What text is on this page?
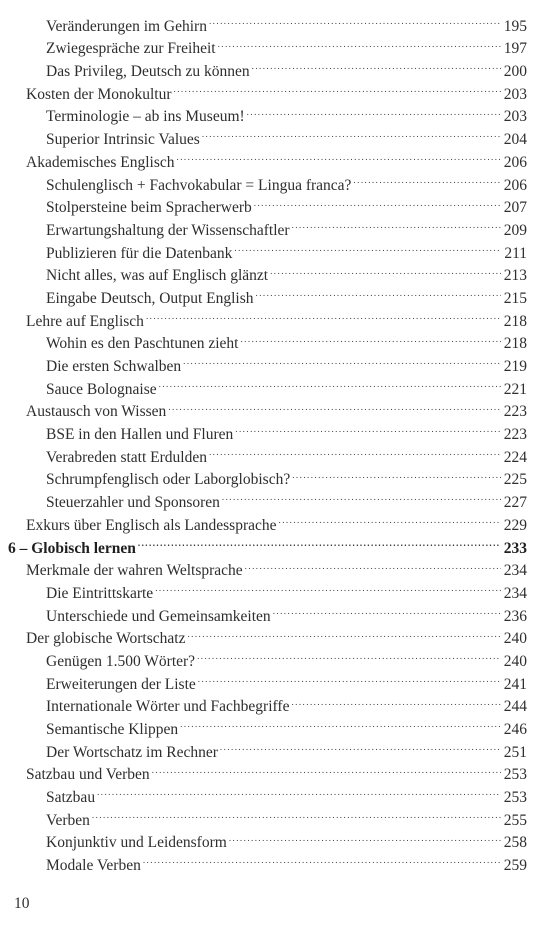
Veränderungen im Gehirn . . .	195
Zwiegespräche zur Freiheit . . .	197
Das Privileg, Deutsch zu können . . .	200
Kosten der Monokultur . . .	203
Terminologie – ab ins Museum! . . .	203
Superior Intrinsic Values . . .	204
Akademisches Englisch . . .	206
Schulenglisch + Fachvokabular = Lingua franca? . . .	206
Stolpersteine beim Spracherwerb . . .	207
Erwartungshaltung der Wissenschaftler . . .	209
Publizieren für die Datenbank . . .	211
Nicht alles, was auf Englisch glänzt . . .	213
Eingabe Deutsch, Output English . . .	215
Lehre auf Englisch . . .	218
Wohin es den Paschtunen zieht . . .	218
Die ersten Schwalben . . .	219
Sauce Bolognaise . . .	221
Austausch von Wissen . . .	223
BSE in den Hallen und Fluren . . .	223
Verabreden statt Erdulden . . .	224
Schrumpfenglisch oder Laborglobisch? . . .	225
Steuerzahler und Sponsoren . . .	227
Exkurs über Englisch als Landessprache . . .	229
6 – Globisch lernen . . .	233
Merkmale der wahren Weltsprache . . .	234
Die Eintrittskarte . . .	234
Unterschiede und Gemeinsamkeiten . . .	236
Der globische Wortschatz . . .	240
Genügen 1.500 Wörter? . . .	240
Erweiterungen der Liste . . .	241
Internationale Wörter und Fachbegriffe . . .	244
Semantische Klippen . . .	246
Der Wortschatz im Rechner . . .	251
Satzbau und Verben . . .	253
Satzbau . . .	253
Verben . . .	255
Konjunktiv und Leidensform . . .	258
Modale Verben . . .	259
10
